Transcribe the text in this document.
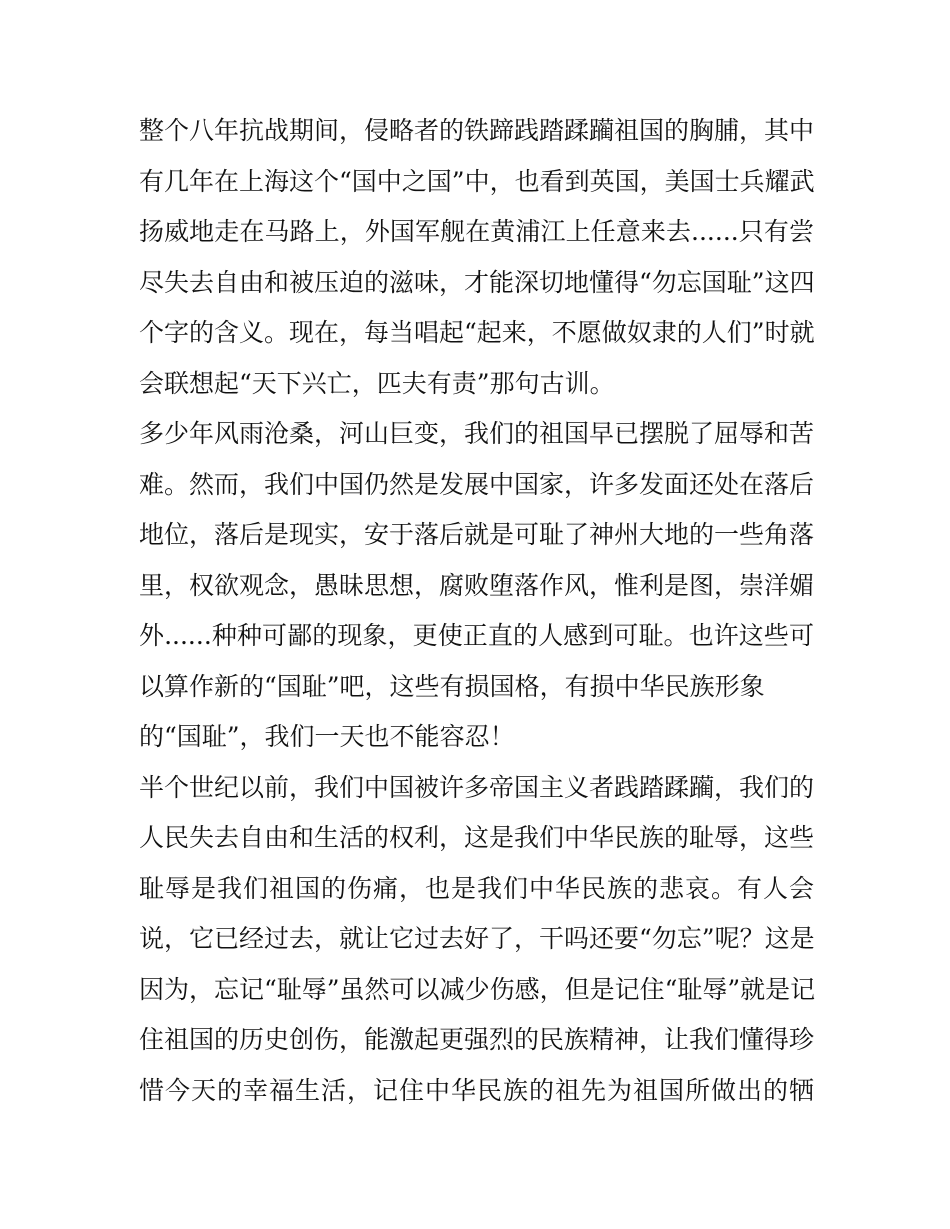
整个八年抗战期间，侵略者的铁蹄践踏蹂躏祖国的胸脯，其中
有几年在上海这个“国中之国”中，也看到英国，美国士兵耀武
扬威地走在马路上，外国军舰在黄浦江上任意来去......只有尝
尽失去自由和被压迫的滋味，才能深切地懂得“勿忘国耻”这四
个字的含义。现在，每当唱起“起来，不愿做奴隶的人们”时就
会联想起“天下兴亡，匹夫有责”那句古训。
多少年风雨沧桑，河山巨变，我们的祖国早已摆脱了屈辱和苦
难。然而，我们中国仍然是发展中国家，许多发面还处在落后
地位，落后是现实，安于落后就是可耻了神州大地的一些角落
里，权欲观念，愚昧思想，腐败堕落作风，惟利是图，崇洋媚
外......种种可鄙的现象，更使正直的人感到可耻。也许这些可
以算作新的“国耻”吧，这些有损国格，有损中华民族形象
的“国耻”，我们一天也不能容忍！
半个世纪以前，我们中国被许多帝国主义者践踏蹂躏，我们的
人民失去自由和生活的权利，这是我们中华民族的耻辱，这些
耻辱是我们祖国的伤痛，也是我们中华民族的悲哀。有人会
说，它已经过去，就让它过去好了，干吗还要“勿忘”呢？这是
因为，忘记“耻辱”虽然可以减少伤感，但是记住“耻辱”就是记
住祖国的历史创伤，能激起更强烈的民族精神，让我们懂得珍
惜今天的幸福生活，记住中华民族的祖先为祖国所做出的牺
